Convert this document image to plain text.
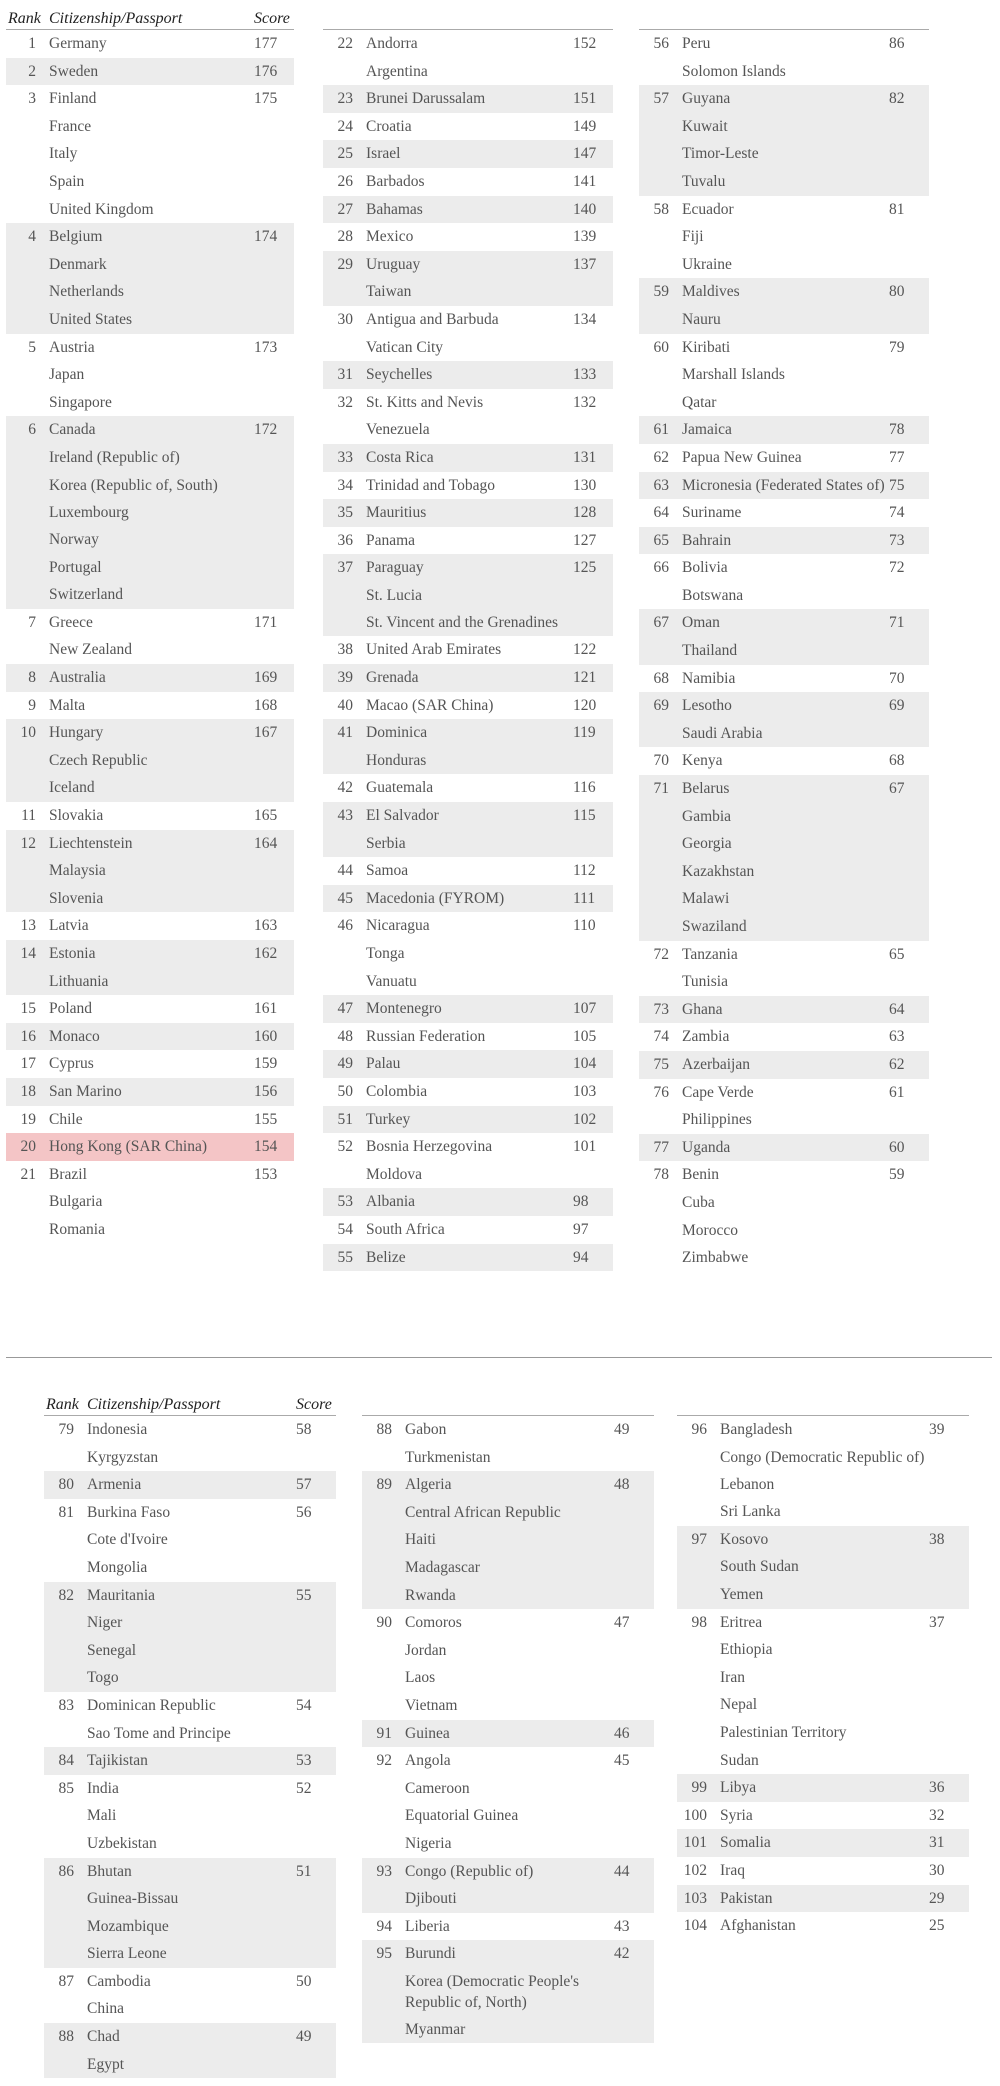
Rank Citizenship/Passport	Score
1 Germany	177
2 Sweden	176
3 Finland	175
France
Italy
Spain
United Kingdom
4 Belgium	174
Denmark
Netherlands
United States
5 Austria	173
Japan
Singapore
6 Canada	172
Ireland (Republic of)
Korea (Republic of, South)
Luxembourg
Norway
Portugal
Switzerland
7 Greece	171
New Zealand
8 Australia	169
9 Malta	168
10 Hungary	167
Czech Republic
Iceland
11 Slovakia	165
12 Liechtenstein	164
Malaysia
Slovenia
13 Latvia	163
14 Estonia	162
Lithuania
15 Poland	161
16 Monaco	160
17 Cyprus	159
18 San Marino	156
19 Chile	155
20 Hong Kong (SAR China)	154
21 Brazil	153
Bulgaria
Romania
22 Andorra	152
Argentina
23 Brunei Darussalam	151
24 Croatia	149
25 Israel	147
26 Barbados	141
27 Bahamas	140
28 Mexico	139
29 Uruguay	137
Taiwan
30 Antigua and Barbuda	134
Vatican City
31 Seychelles	133
32 St. Kitts and Nevis	132
Venezuela
33 Costa Rica	131
34 Trinidad and Tobago	130
35 Mauritius	128
36 Panama	127
37 Paraguay	125
St. Lucia
St. Vincent and the Grenadines
38 United Arab Emirates	122
39 Grenada	121
40 Macao (SAR China)	120
41 Dominica	119
Honduras
42 Guatemala	116
43 El Salvador	115
Serbia
44 Samoa	112
45 Macedonia (FYROM)	111
46 Nicaragua	110
Tonga
Vanuatu
47 Montenegro	107
48 Russian Federation	105
49 Palau	104
50 Colombia	103
51 Turkey	102
52 Bosnia Herzegovina	101
Moldova
53 Albania	98
54 South Africa	97
55 Belize	94
56 Peru	86
Solomon Islands
57 Guyana	82
Kuwait
Timor-Leste
Tuvalu
58 Ecuador	81
Fiji
Ukraine
59 Maldives	80
Nauru
60 Kiribati	79
Marshall Islands
Qatar
61 Jamaica	78
62 Papua New Guinea	77
63 Micronesia (Federated States of) 75
64 Suriname	74
65 Bahrain	73
66 Bolivia	72
Botswana
67 Oman	71
Thailand
68 Namibia	70
69 Lesotho	69
Saudi Arabia
70 Kenya	68
71 Belarus	67
Gambia
Georgia
Kazakhstan
Malawi
Swaziland
72 Tanzania	65
Tunisia
73 Ghana	64
74 Zambia	63
75 Azerbaijan	62
76 Cape Verde	61
Philippines
77 Uganda	60
78 Benin	59
Cuba
Morocco
Zimbabwe
Rank Citizenship/Passport	Score
79 Indonesia	58
Kyrgyzstan
80 Armenia	57
81 Burkina Faso	56
Cote d'Ivoire
Mongolia
82 Mauritania	55
Niger
Senegal
Togo
83 Dominican Republic	54
Sao Tome and Principe
84 Tajikistan	53
85 India	52
Mali
Uzbekistan
86 Bhutan	51
Guinea-Bissau
Mozambique
Sierra Leone
87 Cambodia	50
China
88 Chad	49
Egypt
88 Gabon	49
Turkmenistan
89 Algeria	48
Central African Republic
Haiti
Madagascar
Rwanda
90 Comoros	47
Jordan
Laos
Vietnam
91 Guinea	46
92 Angola	45
Cameroon
Equatorial Guinea
Nigeria
93 Congo (Republic of)	44
Djibouti
94 Liberia	43
95 Burundi	42
Korea (Democratic People's Republic of, North)
Myanmar
96 Bangladesh	39
Congo (Democratic Republic of)
Lebanon
Sri Lanka
97 Kosovo	38
South Sudan
Yemen
98 Eritrea	37
Ethiopia
Iran
Nepal
Palestinian Territory
Sudan
99 Libya	36
100 Syria	32
101 Somalia	31
102 Iraq	30
103 Pakistan	29
104 Afghanistan	25
